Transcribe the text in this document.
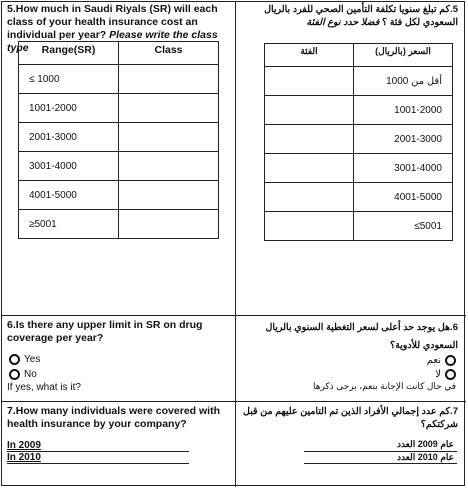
5.How much in Saudi Riyals (SR) will each class of your health insurance cost an individual per year? Please write the class type	Range(SR)	Class
≤ 1000	
1001-2000	
2001-3000	
3001-4000	
4001-5000	
≥5001	
5.كم تبلغ سنويا تكلفة التأمين الصحي للفرد بالريال السعودي لكل فئة ؟ فضلا حدد نوع الفئة
الفئة	السعر (بالريال)
	أقل من 1000
	1001-2000
	2001-3000
	3001-4000
	4001-5000
	5001≥
6.Is there any upper limit in SR on drug coverage per year?
Yes
No
If yes, what is it?
6.هل يوجد حد أعلى لسعر التغطية السنوي بالريال السعودي للأدوية؟
نعم
لا
في حال كانت الإجابة بنعم، يرجى ذكرها
7.How many individuals were covered with health insurance by your company?
In 2009
In 2010
7.كم عدد إجمالي الأفراد الذين تم التامين عليهم من قبل شركتكم؟
عام 2009 العدد
عام 2010 العدد
